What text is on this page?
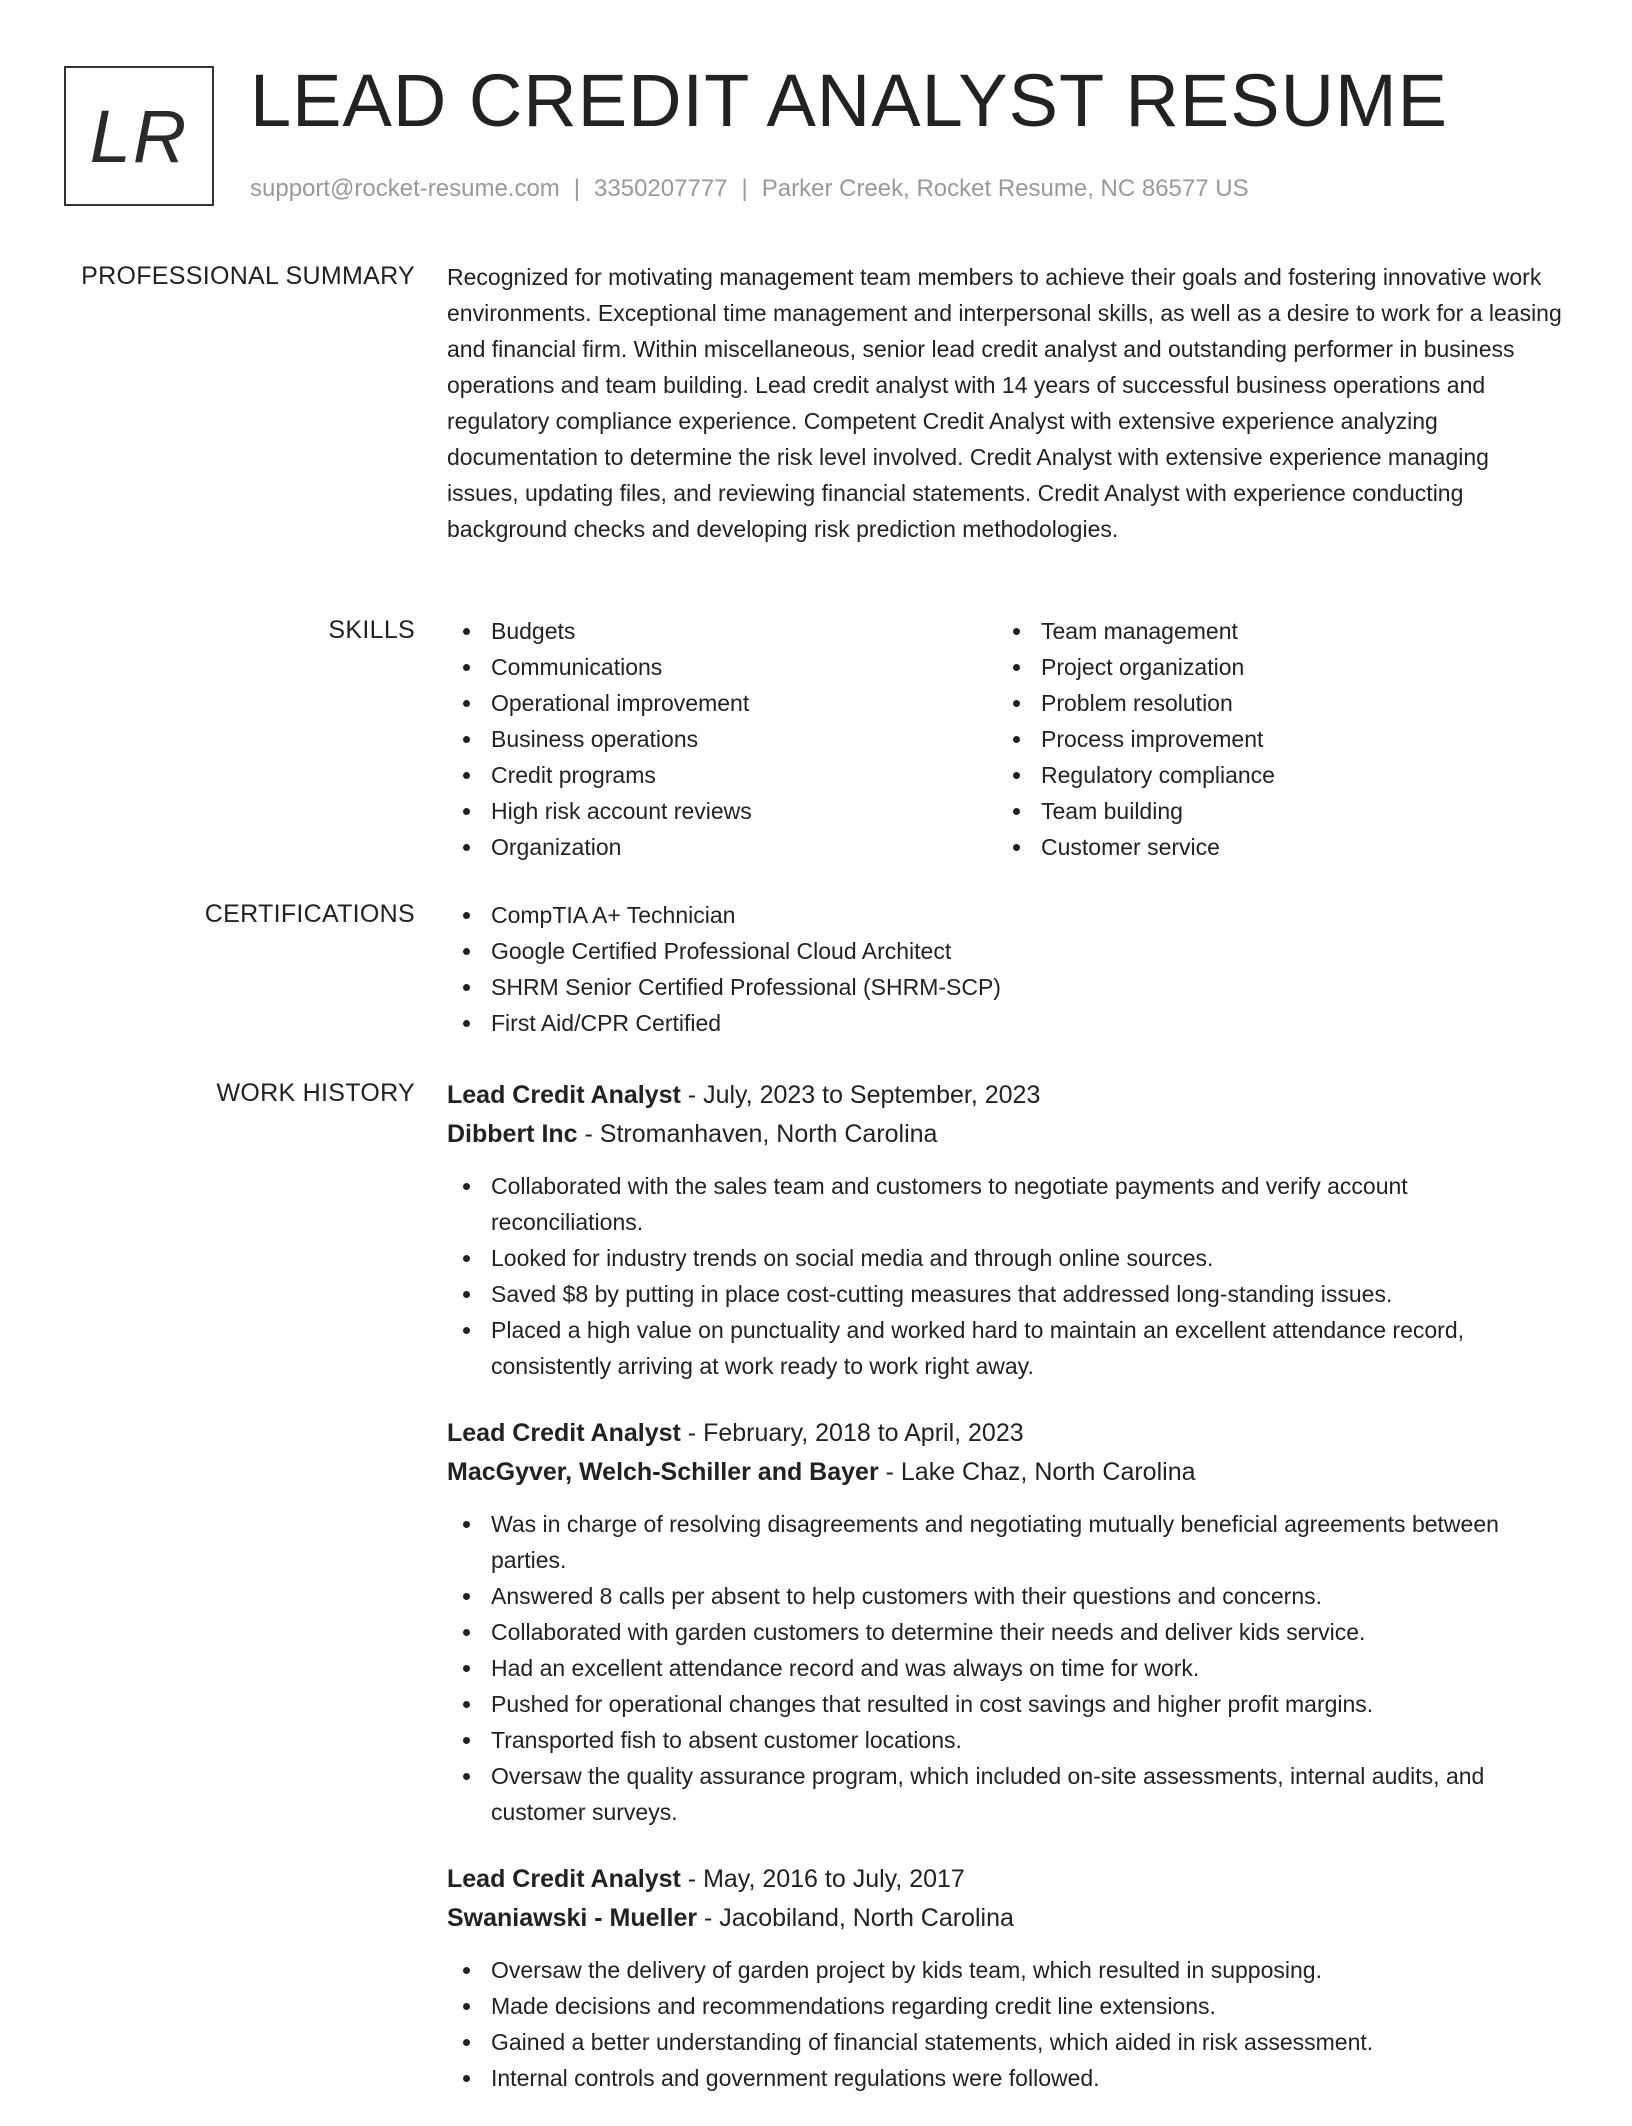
LR LEAD CREDIT ANALYST RESUME
support@rocket-resume.com | 3350207777 | Parker Creek, Rocket Resume, NC 86577 US
PROFESSIONAL SUMMARY Recognized for motivating management team members to achieve their goals and fostering innovative work environments. Exceptional time management and interpersonal skills, as well as a desire to work for a leasing and financial firm. Within miscellaneous, senior lead credit analyst and outstanding performer in business operations and team building. Lead credit analyst with 14 years of successful business operations and regulatory compliance experience. Competent Credit Analyst with extensive experience analyzing documentation to determine the risk level involved. Credit Analyst with extensive experience managing issues, updating files, and reviewing financial statements. Credit Analyst with experience conducting background checks and developing risk prediction methodologies.

SKILLS	Budgets
Communications
Operational improvement
Business operations
Credit programs
High risk account reviews
Organization
Team management
Project organization
Problem resolution
Process improvement
Regulatory compliance
Team building
Customer service
CERTIFICATIONS	CompTIA A+ Technician
Google Certified Professional Cloud Architect
SHRM Senior Certified Professional (SHRM-SCP)
First Aid/CPR Certified
WORK HISTORY Lead Credit Analyst - July, 2023 to September, 2023
Dibbert Inc - Stromanhaven, North Carolina
Collaborated with the sales team and customers to negotiate payments and verify account reconciliations.
Looked for industry trends on social media and through online sources.
Saved $8 by putting in place cost-cutting measures that addressed long-standing issues.
Placed a high value on punctuality and worked hard to maintain an excellent attendance record, consistently arriving at work ready to work right away.
Lead Credit Analyst - February, 2018 to April, 2023
MacGyver, Welch-Schiller and Bayer - Lake Chaz, North Carolina
Was in charge of resolving disagreements and negotiating mutually beneficial agreements between parties.
Answered 8 calls per absent to help customers with their questions and concerns.
Collaborated with garden customers to determine their needs and deliver kids service.
Had an excellent attendance record and was always on time for work.
Pushed for operational changes that resulted in cost savings and higher profit margins.
Transported fish to absent customer locations.
Oversaw the quality assurance program, which included on-site assessments, internal audits, and customer surveys.
Lead Credit Analyst - May, 2016 to July, 2017
Swaniawski - Mueller - Jacobiland, North Carolina
Oversaw the delivery of garden project by kids team, which resulted in supposing.
Made decisions and recommendations regarding credit line extensions.
Gained a better understanding of financial statements, which aided in risk assessment.
Internal controls and government regulations were followed.
